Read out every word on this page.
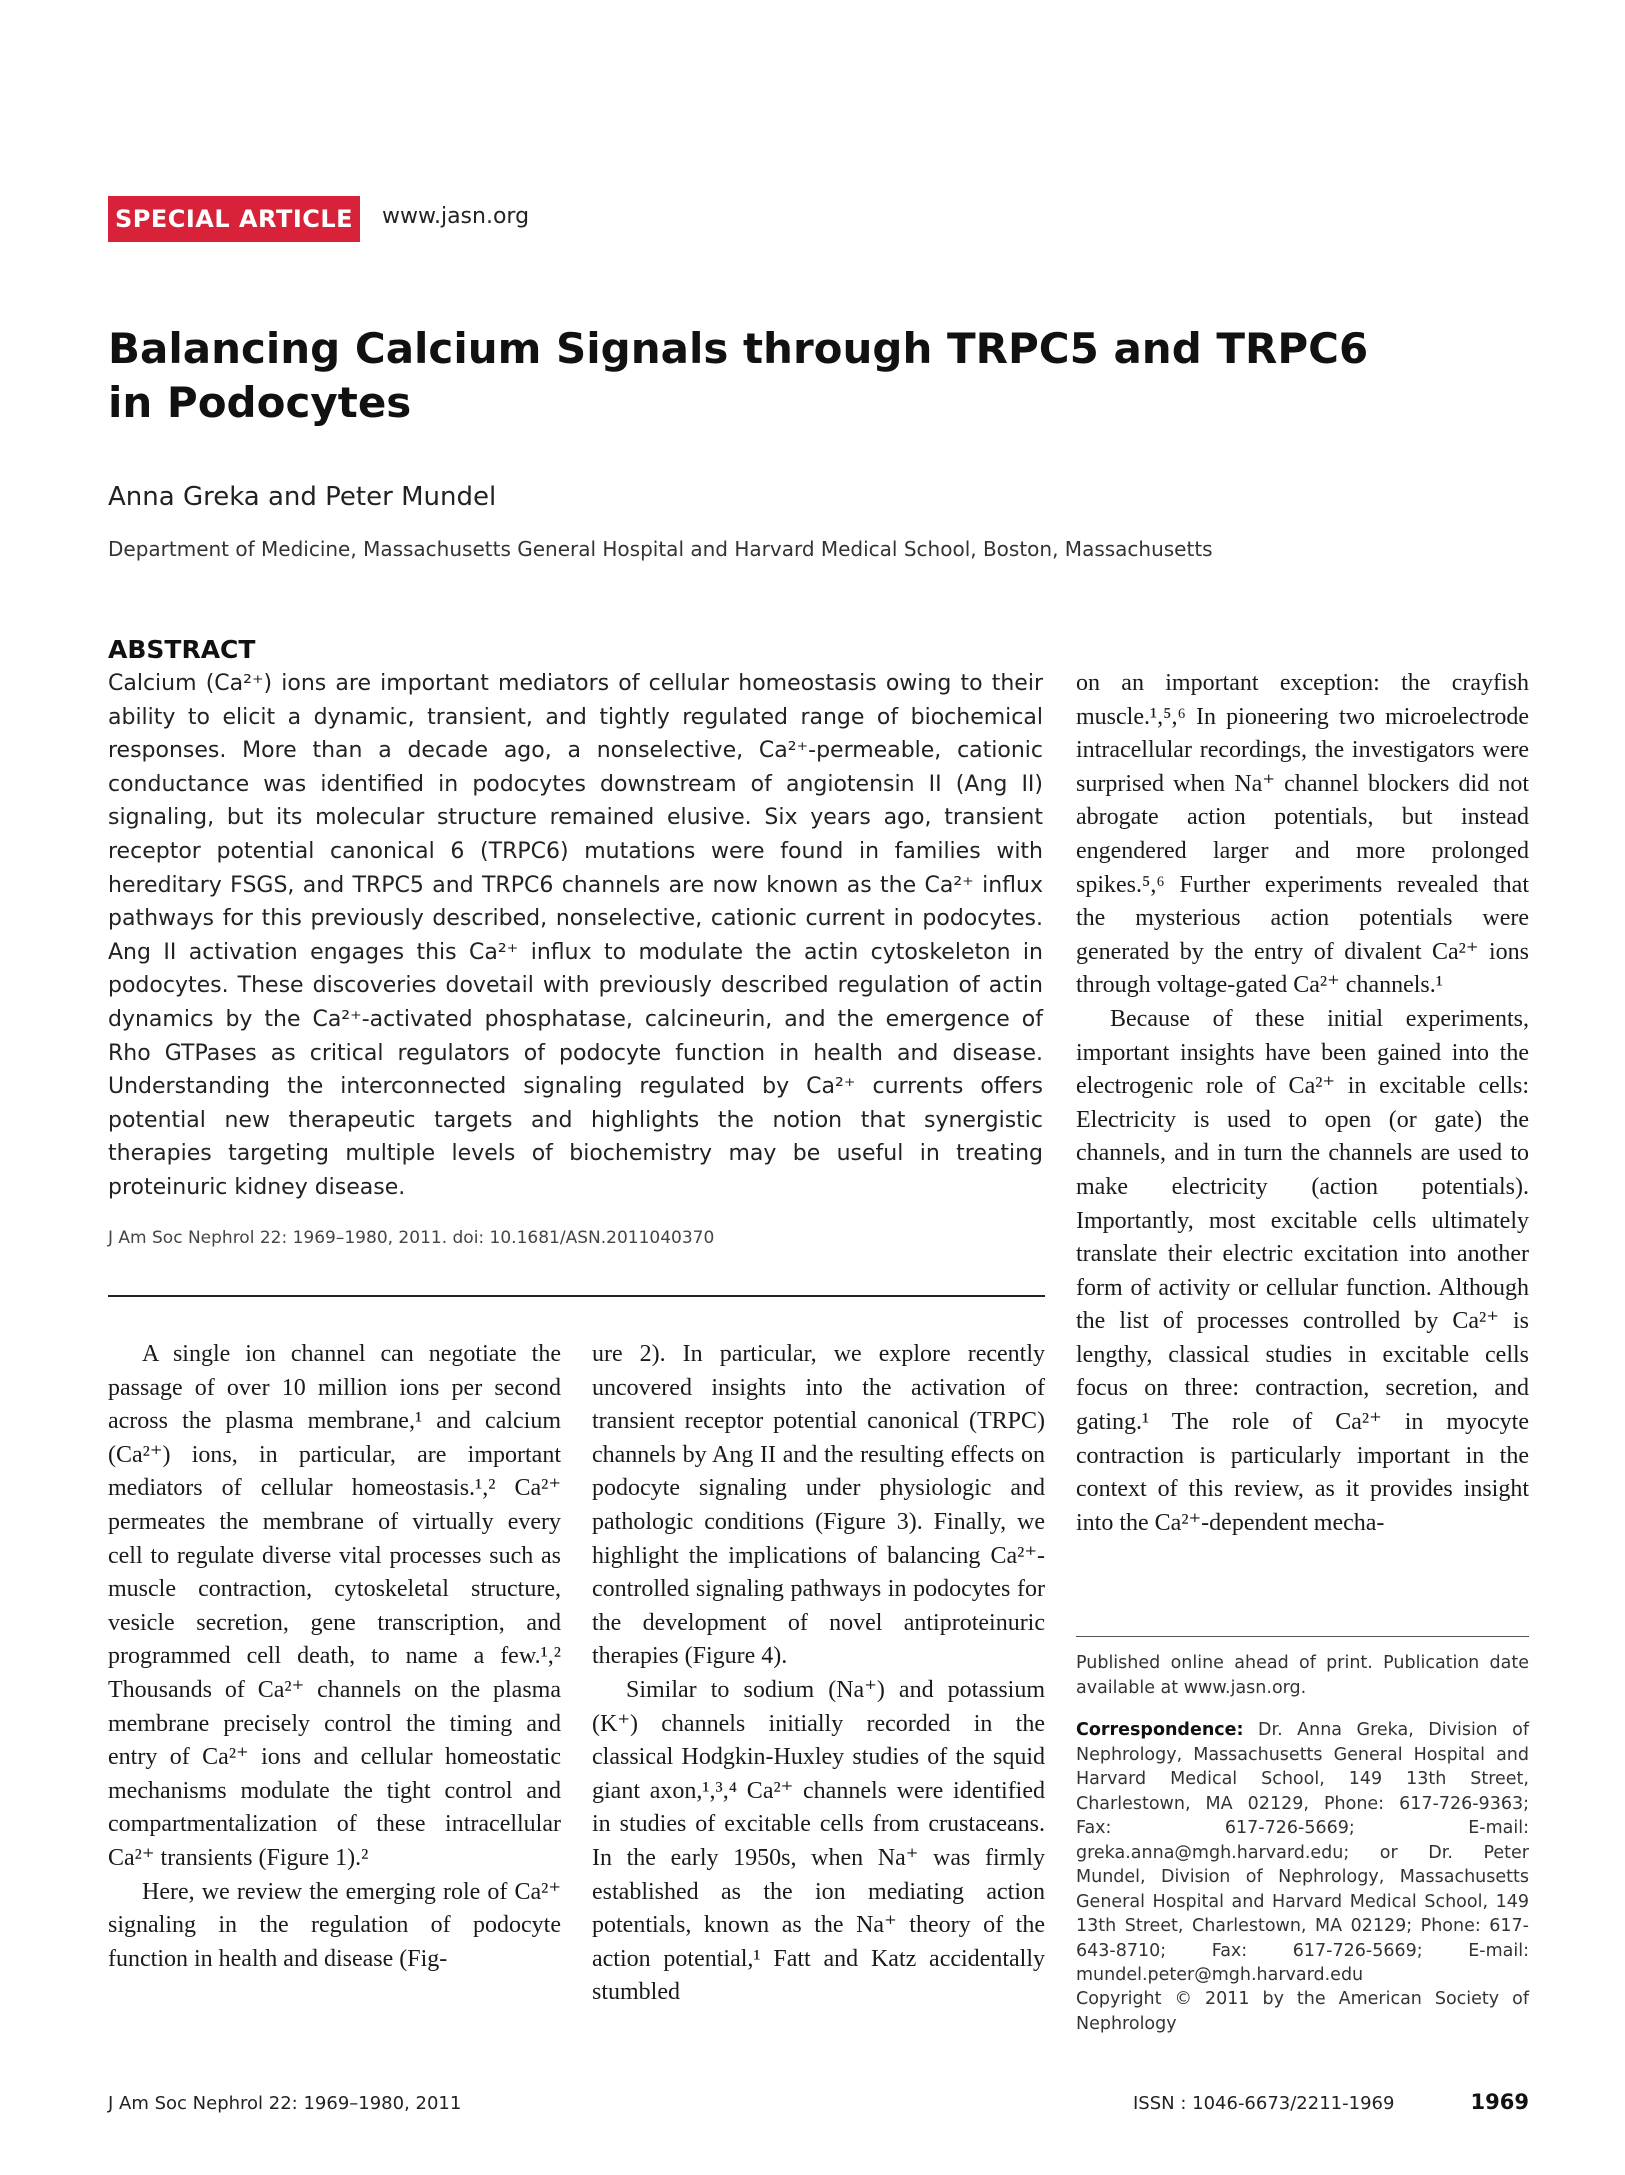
SPECIAL ARTICLE	www.jasn.org
Balancing Calcium Signals through TRPC5 and TRPC6
in Podocytes
Anna Greka and Peter Mundel
Department of Medicine, Massachusetts General Hospital and Harvard Medical School, Boston, Massachusetts
ABSTRACT
Calcium (Ca²⁺) ions are important mediators of cellular homeostasis owing to their ability to elicit a dynamic, transient, and tightly regulated range of biochemical responses. More than a decade ago, a nonselective, Ca²⁺-permeable, cationic conductance was identified in podocytes downstream of angiotensin II (Ang II) signaling, but its molecular structure remained elusive. Six years ago, transient receptor potential canonical 6 (TRPC6) mutations were found in families with hereditary FSGS, and TRPC5 and TRPC6 channels are now known as the Ca²⁺ influx pathways for this previously described, nonselective, cationic current in podocytes. Ang II activation engages this Ca²⁺ influx to modulate the actin cytoskeleton in podocytes. These discoveries dovetail with previously described regulation of actin dynamics by the Ca²⁺-activated phosphatase, calcineurin, and the emergence of Rho GTPases as critical regulators of podocyte function in health and disease. Understanding the interconnected signaling regulated by Ca²⁺ currents offers potential new therapeutic targets and highlights the notion that synergistic therapies targeting multiple levels of biochemistry may be useful in treating proteinuric kidney disease.
J Am Soc Nephrol 22: 1969–1980, 2011. doi: 10.1681/ASN.2011040370

A single ion channel can negotiate the passage of over 10 million ions per second across the plasma membrane,¹ and calcium (Ca²⁺) ions, in particular, are important mediators of cellular homeostasis.¹,² Ca²⁺ permeates the membrane of virtually every cell to regulate diverse vital processes such as muscle contraction, cytoskeletal structure, vesicle secretion, gene transcription, and programmed cell death, to name a few.¹,² Thousands of Ca²⁺ channels on the plasma membrane precisely control the timing and entry of Ca²⁺ ions and cellular homeostatic mechanisms modulate the tight control and compartmentalization of these intracellular Ca²⁺ transients (Figure 1).²

Here, we review the emerging role of Ca²⁺ signaling in the regulation of podocyte function in health and disease (Fig-

ure 2). In particular, we explore recently uncovered insights into the activation of transient receptor potential canonical (TRPC) channels by Ang II and the resulting effects on podocyte signaling under physiologic and pathologic conditions (Figure 3). Finally, we highlight the implications of balancing Ca²⁺-controlled signaling pathways in podocytes for the development of novel antiproteinuric therapies (Figure 4).

Similar to sodium (Na⁺) and potassium (K⁺) channels initially recorded in the classical Hodgkin-Huxley studies of the squid giant axon,¹,³,⁴ Ca²⁺ channels were identified in studies of excitable cells from crustaceans. In the early 1950s, when Na⁺ was firmly established as the ion mediating action potentials, known as the Na⁺ theory of the action potential,¹ Fatt and Katz accidentally stumbled

on an important exception: the crayfish muscle.¹,⁵,⁶ In pioneering two microelectrode intracellular recordings, the investigators were surprised when Na⁺ channel blockers did not abrogate action potentials, but instead engendered larger and more prolonged spikes.⁵,⁶ Further experiments revealed that the mysterious action potentials were generated by the entry of divalent Ca²⁺ ions through voltage-gated Ca²⁺ channels.¹

Because of these initial experiments, important insights have been gained into the electrogenic role of Ca²⁺ in excitable cells: Electricity is used to open (or gate) the channels, and in turn the channels are used to make electricity (action potentials). Importantly, most excitable cells ultimately translate their electric excitation into another form of activity or cellular function. Although the list of processes controlled by Ca²⁺ is lengthy, classical studies in excitable cells focus on three: contraction, secretion, and gating.¹ The role of Ca²⁺ in myocyte contraction is particularly important in the context of this review, as it provides insight into the Ca²⁺-dependent mecha-

Published online ahead of print. Publication date available at www.jasn.org.
Correspondence: Dr. Anna Greka, Division of Nephrology, Massachusetts General Hospital and Harvard Medical School, 149 13th Street, Charlestown, MA 02129, Phone: 617-726-9363; Fax: 617-726-5669; E-mail: greka.anna@mgh.harvard.edu; or Dr. Peter Mundel, Division of Nephrology, Massachusetts General Hospital and Harvard Medical School, 149 13th Street, Charlestown, MA 02129; Phone: 617-643-8710; Fax: 617-726-5669; E-mail: mundel.peter@mgh.harvard.edu
Copyright © 2011 by the American Society of Nephrology
J Am Soc Nephrol 22: 1969–1980, 2011	ISSN : 1046-6673/2211-1969	1969
